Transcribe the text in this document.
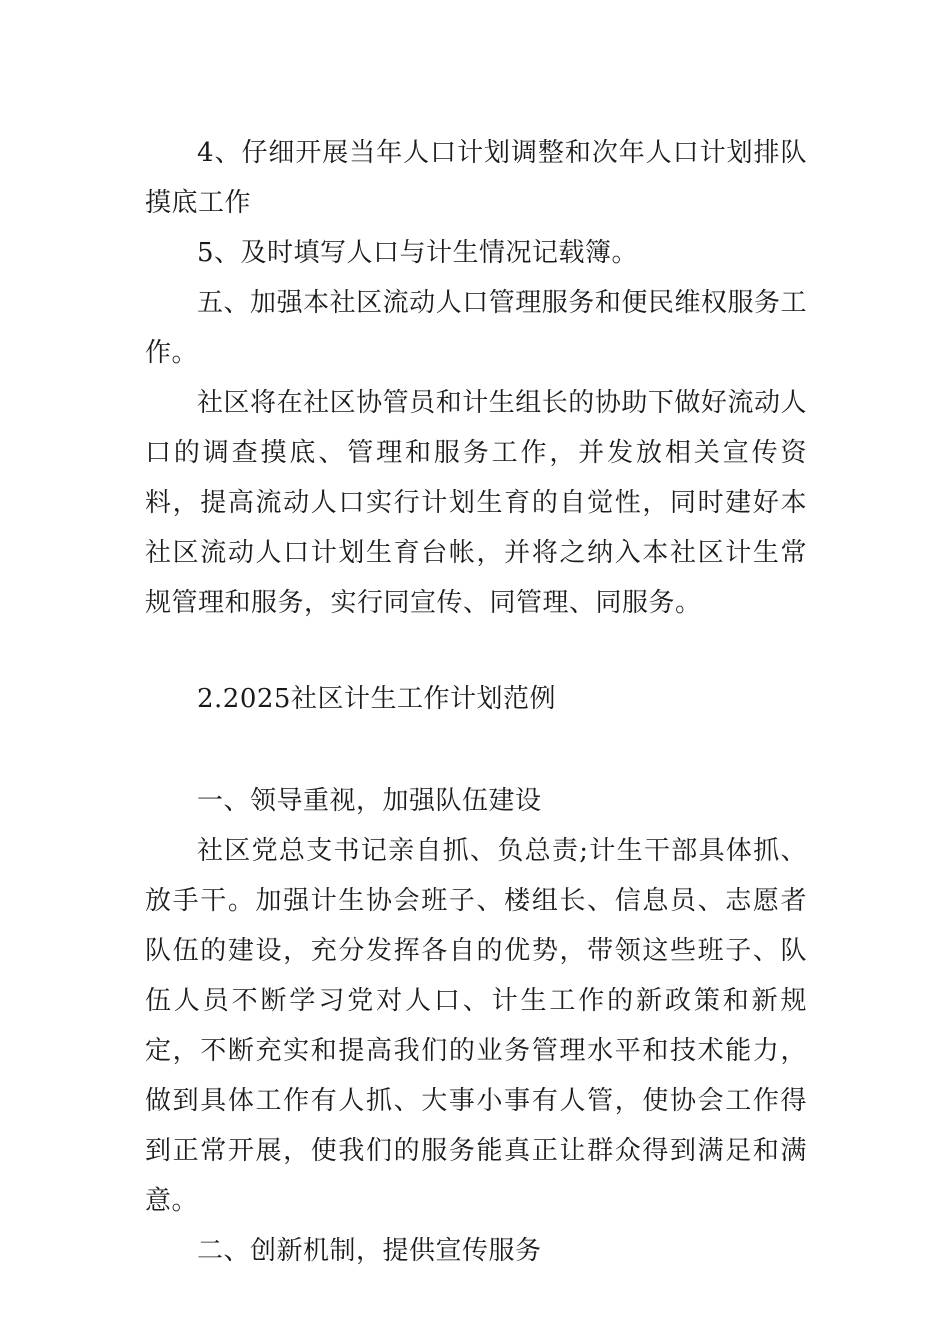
4、仔细开展当年人口计划调整和次年人口计划排队摸底工作

5、及时填写人口与计生情况记载簿。

五、加强本社区流动人口管理服务和便民维权服务工作。

社区将在社区协管员和计生组长的协助下做好流动人口的调查摸底、管理和服务工作，并发放相关宣传资料，提高流动人口实行计划生育的自觉性，同时建好本社区流动人口计划生育台帐，并将之纳入本社区计生常规管理和服务，实行同宣传、同管理、同服务。

2.2025社区计生工作计划范例

一、领导重视，加强队伍建设

社区党总支书记亲自抓、负总责;计生干部具体抓、放手干。加强计生协会班子、楼组长、信息员、志愿者队伍的建设，充分发挥各自的优势，带领这些班子、队伍人员不断学习党对人口、计生工作的新政策和新规定，不断充实和提高我们的业务管理水平和技术能力，做到具体工作有人抓、大事小事有人管，使协会工作得到正常开展，使我们的服务能真正让群众得到满足和满意。

二、创新机制，提供宣传服务
